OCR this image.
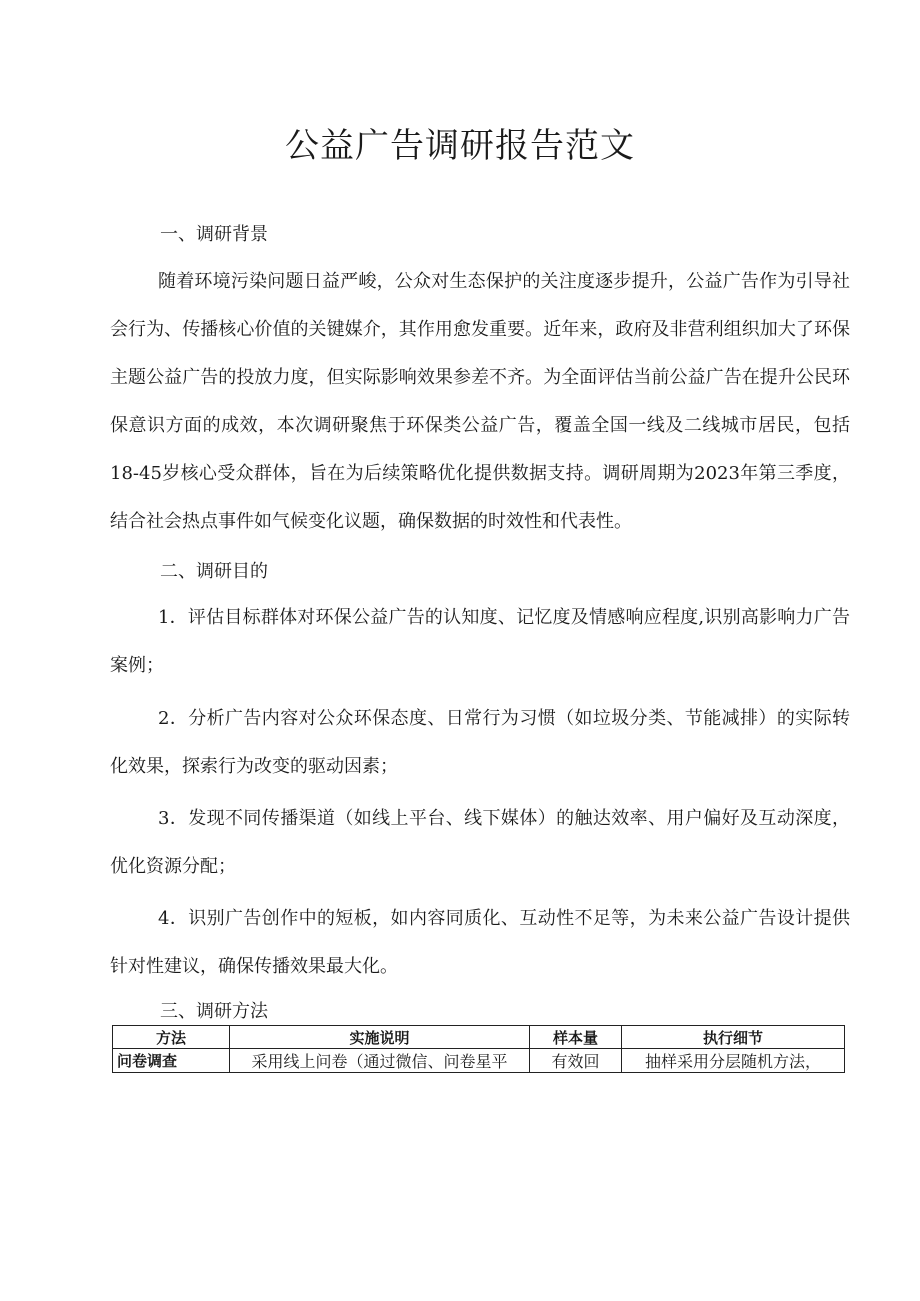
公益广告调研报告范文
一、调研背景

随着环境污染问题日益严峻，公众对生态保护的关注度逐步提升，公益广告作为引导社会行为、传播核心价值的关键媒介，其作用愈发重要。近年来，政府及非营利组织加大了环保主题公益广告的投放力度，但实际影响效果参差不齐。为全面评估当前公益广告在提升公民环保意识方面的成效，本次调研聚焦于环保类公益广告，覆盖全国一线及二线城市居民，包括18-45岁核心受众群体，旨在为后续策略优化提供数据支持。调研周期为2023年第三季度，结合社会热点事件如气候变化议题，确保数据的时效性和代表性。

二、调研目的

1．评估目标群体对环保公益广告的认知度、记忆度及情感响应程度,识别高影响力广告案例；

2．分析广告内容对公众环保态度、日常行为习惯（如垃圾分类、节能减排）的实际转化效果，探索行为改变的驱动因素；

3．发现不同传播渠道（如线上平台、线下媒体）的触达效率、用户偏好及互动深度，优化资源分配；

4．识别广告创作中的短板，如内容同质化、互动性不足等，为未来公益广告设计提供针对性建议，确保传播效果最大化。

三、调研方法
方法	实施说明	样本量	执行细节
问卷调查	采用线上问卷（通过微信、问卷星平	有效回	抽样采用分层随机方法，
